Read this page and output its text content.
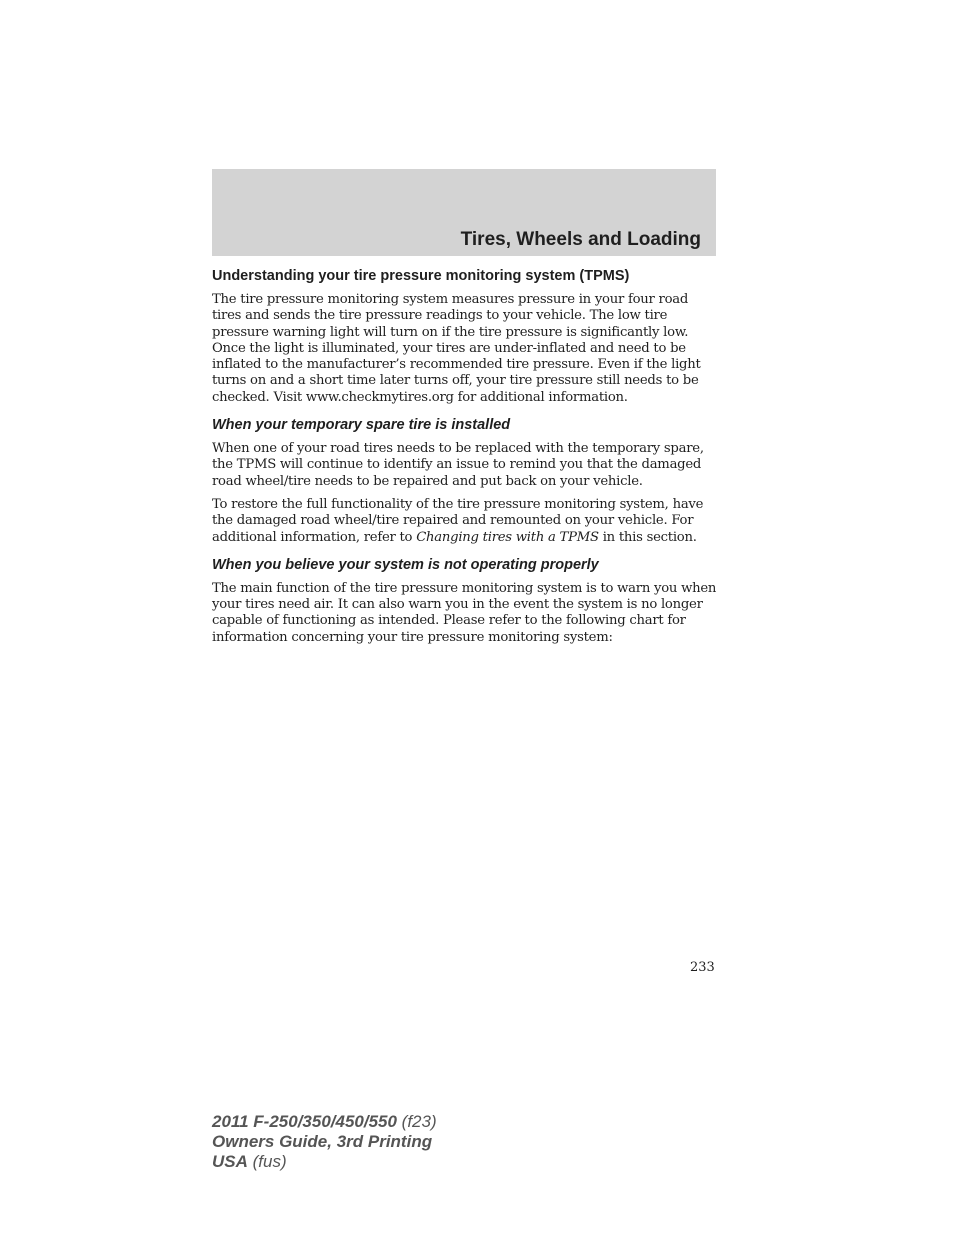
Tires, Wheels and Loading
Understanding your tire pressure monitoring system (TPMS)

The tire pressure monitoring system measures pressure in your four road tires and sends the tire pressure readings to your vehicle. The low tire pressure warning light will turn on if the tire pressure is significantly low. Once the light is illuminated, your tires are under-inflated and need to be inflated to the manufacturer’s recommended tire pressure. Even if the light turns on and a short time later turns off, your tire pressure still needs to be checked. Visit www.checkmytires.org for additional information.

When your temporary spare tire is installed

When one of your road tires needs to be replaced with the temporary spare, the TPMS will continue to identify an issue to remind you that the damaged road wheel/tire needs to be repaired and put back on your vehicle.

To restore the full functionality of the tire pressure monitoring system, have the damaged road wheel/tire repaired and remounted on your vehicle. For additional information, refer to Changing tires with a TPMS in this section.

When you believe your system is not operating properly

The main function of the tire pressure monitoring system is to warn you when your tires need air. It can also warn you in the event the system is no longer capable of functioning as intended. Please refer to the following chart for information concerning your tire pressure monitoring system:

233
2011 F-250/350/450/550 (f23)
Owners Guide, 3rd Printing
USA (fus)
